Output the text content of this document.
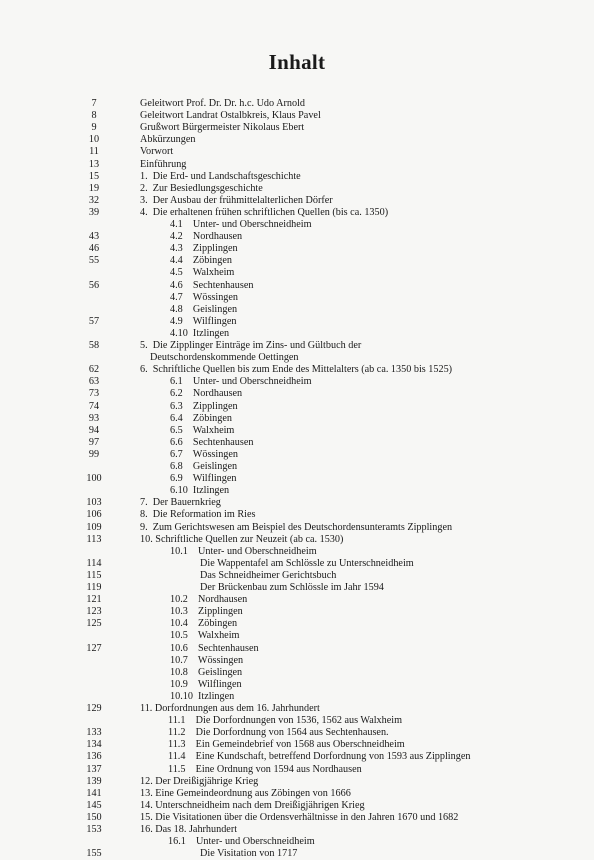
Inhalt
7	Geleitwort Prof. Dr. Dr. h.c. Udo Arnold
8	Geleitwort Landrat Ostalbkreis, Klaus Pavel
9	Grußwort Bürgermeister Nikolaus Ebert
10	Abkürzungen
11	Vorwort
13	Einführung
15	1.  Die Erd- und Landschaftsgeschichte
19	2.  Zur Besiedlungsgeschichte
32	3.  Der Ausbau der frühmittelalterlichen Dörfer
39	4.  Die erhaltenen frühen schriftlichen Quellen (bis ca. 1350)
4.1    Unter- und Oberschneidheim
43	4.2    Nordhausen
46	4.3    Zipplingen
55	4.4    Zöbingen
4.5    Walxheim
56	4.6    Sechtenhausen
4.7    Wössingen
4.8    Geislingen
57	4.9    Wilflingen
4.10  Itzlingen
58	5.  Die Zipplinger Einträge im Zins- und Gültbuch der
Deutschordenskommende Oettingen
62	6.  Schriftliche Quellen bis zum Ende des Mittelalters (ab ca. 1350 bis 1525)
63	6.1    Unter- und Oberschneidheim
73	6.2    Nordhausen
74	6.3    Zipplingen
93	6.4    Zöbingen
94	6.5    Walxheim
97	6.6    Sechtenhausen
99	6.7    Wössingen
6.8    Geislingen
100	6.9    Wilflingen
6.10  Itzlingen
103	7.  Der Bauernkrieg
106	8.  Die Reformation im Ries
109	9.  Zum Gerichtswesen am Beispiel des Deutschordensunteramts Zipplingen
113	10. Schriftliche Quellen zur Neuzeit (ab ca. 1530)
10.1    Unter- und Oberschneidheim
114	Die Wappentafel am Schlössle zu Unterschneidheim
115	Das Schneidheimer Gerichtsbuch
119	Der Brückenbau zum Schlössle im Jahr 1594
121	10.2    Nordhausen
123	10.3    Zipplingen
125	10.4    Zöbingen
10.5    Walxheim
127	10.6    Sechtenhausen
10.7    Wössingen
10.8    Geislingen
10.9    Wilflingen
10.10  Itzlingen
129	11. Dorfordnungen aus dem 16. Jahrhundert
11.1    Die Dorfordnungen von 1536, 1562 aus Walxheim
133	11.2    Die Dorfordnung von 1564 aus Sechtenhausen.
134	11.3    Ein Gemeindebrief von 1568 aus Oberschneidheim
136	11.4    Eine Kundschaft, betreffend Dorfordnung von 1593 aus Zipplingen
137	11.5    Eine Ordnung von 1594 aus Nordhausen
139	12. Der Dreißigjährige Krieg
141	13. Eine Gemeindeordnung aus Zöbingen von 1666
145	14. Unterschneidheim nach dem Dreißigjährigen Krieg
150	15. Die Visitationen über die Ordensverhältnisse in den Jahren 1670 und 1682
153	16. Das 18. Jahrhundert
16.1    Unter- und Oberschneidheim
155	Die Visitation von 1717
